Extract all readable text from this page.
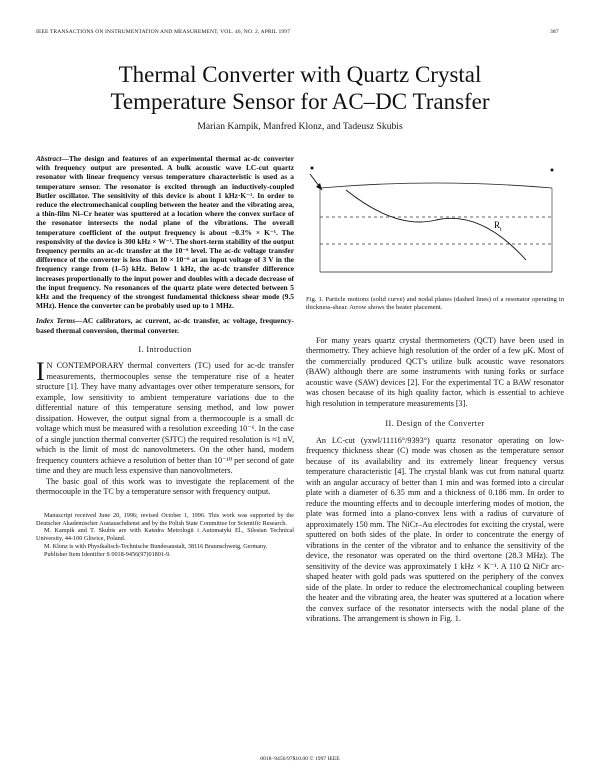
IEEE TRANSACTIONS ON INSTRUMENTATION AND MEASUREMENT, VOL. 46, NO. 2, APRIL 1997	387
Thermal Converter with Quartz Crystal
Temperature Sensor for AC–DC Transfer
Marian Kampik, Manfred Klonz, and Tadeusz Skubis
Abstract—The design and features of an experimental thermal ac-dc converter with frequency output are presented. A bulk acoustic wave LC-cut quartz resonator with linear frequency versus temperature characteristic is used as a temperature sensor. The resonator is excited through an inductively-coupled Butler oscillator. The sensitivity of this device is about 1 kHz·K⁻¹. In order to reduce the electromechanical coupling between the heater and the vibrating area, a thin-film Ni–Cr heater was sputtered at a location where the convex surface of the resonator intersects the nodal plane of the vibrations. The overall temperature coefficient of the output frequency is about −0.3% × K⁻¹. The responsivity of the device is 300 kHz × W⁻¹. The short-term stability of the output frequency permits an ac-dc transfer at the 10⁻⁶ level. The ac-dc voltage transfer difference of the converter is less than 10 × 10⁻⁶ at an input voltage of 3 V in the frequency range from (1–5) kHz. Below 1 kHz, the ac-dc transfer difference increases proportionally to the input power and doubles with a decade decrease of the input frequency. No resonances of the quartz plate were detected between 5 kHz and the frequency of the strongest fundamental thickness shear mode (9.5 MHz). Hence the converter can be probably used up to 1 MHz.
Index Terms—AC calibrators, ac current, ac-dc transfer, ac voltage, frequency-based thermal conversion, thermal converter.
I. Introduction

I N CONTEMPORARY thermal converters (TC) used for ac-dc transfer measurements, thermocouples sense the temperature rise of a heater structure [1]. They have many advantages over other temperature sensors, for example, low sensitivity to ambient temperature variations due to the differential nature of this temperature sensing method, and low power dissipation. However, the output signal from a thermocouple is a small dc voltage which must be measured with a resolution exceeding 10⁻⁶. In the case of a single junction thermal converter (SJTC) the required resolution is ≈1 nV, which is the limit of most dc nanovoltmeters. On the other hand, modern frequency counters achieve a resolution of better than 10⁻¹⁰ per second of gate time and they are much less expensive than nanovoltmeters.

The basic goal of this work was to investigate the replacement of the thermocouple in the TC by a temperature sensor with frequency output.

Manuscript received June 20, 1996; revised October 1, 1996. This work was supported by the Deutscher Akademischer Austauschdienst and by the Polish State Committee for Scientific Research.

M. Kampik and T. Skubis are with Katedra Metrologii i Automatyki El., Silesian Technical University, 44-100 Gliwice, Poland.

M. Klonz is with Physikalisch-Technische Bundesanstalt, 38116 Braunschweig, Germany.

Publisher Item Identifier S 0018-9456(97)01801-9.

R t
Fig. 1. Particle motions (solid curve) and nodal planes (dashed lines) of a resonator operating in thickness-shear. Arrow shows the heater placement.

For many years quartz crystal thermometers (QCT) have been used in thermometry. They achieve high resolution of the order of a few μK. Most of the commercially produced QCT's utilize bulk acoustic wave resonators (BAW) although there are some instruments with tuning forks or surface acoustic wave (SAW) devices [2]. For the experimental TC a BAW resonator was chosen because of its high quality factor, which is essential to achieve high resolution in temperature measurements [3].

II. Design of the Converter

An LC-cut (yxwl/11116°/9393°) quartz resonator operating on low-frequency thickness shear (C) mode was chosen as the temperature sensor because of its availability and its extremely linear frequency versus temperature characteristic [4]. The crystal blank was cut from natural quartz with an angular accuracy of better than 1 min and was formed into a circular plate with a diameter of 6.35 mm and a thickness of 0.186 mm. In order to reduce the mounting effects and to decouple interfering modes of motion, the plate was formed into a plano-convex lens with a radius of curvature of approximately 150 mm. The NiCr–Au electrodes for exciting the crystal, were sputtered on both sides of the plate. In order to concentrate the energy of vibrations in the center of the vibrator and to enhance the sensitivity of the device, the resonator was operated on the third overtone (28.3 MHz). The sensitivity of the device was approximately 1 kHz × K⁻¹. A 110 Ω NiCr arc-shaped heater with gold pads was sputtered on the periphery of the convex side of the plate. In order to reduce the electromechanical coupling between the heater and the vibrating area, the heater was sputtered at a location where the convex surface of the resonator intersects with the nodal plane of the vibrations. The arrangement is shown in Fig. 1.

0018–9456/97$10.00 © 1997 IEEE
